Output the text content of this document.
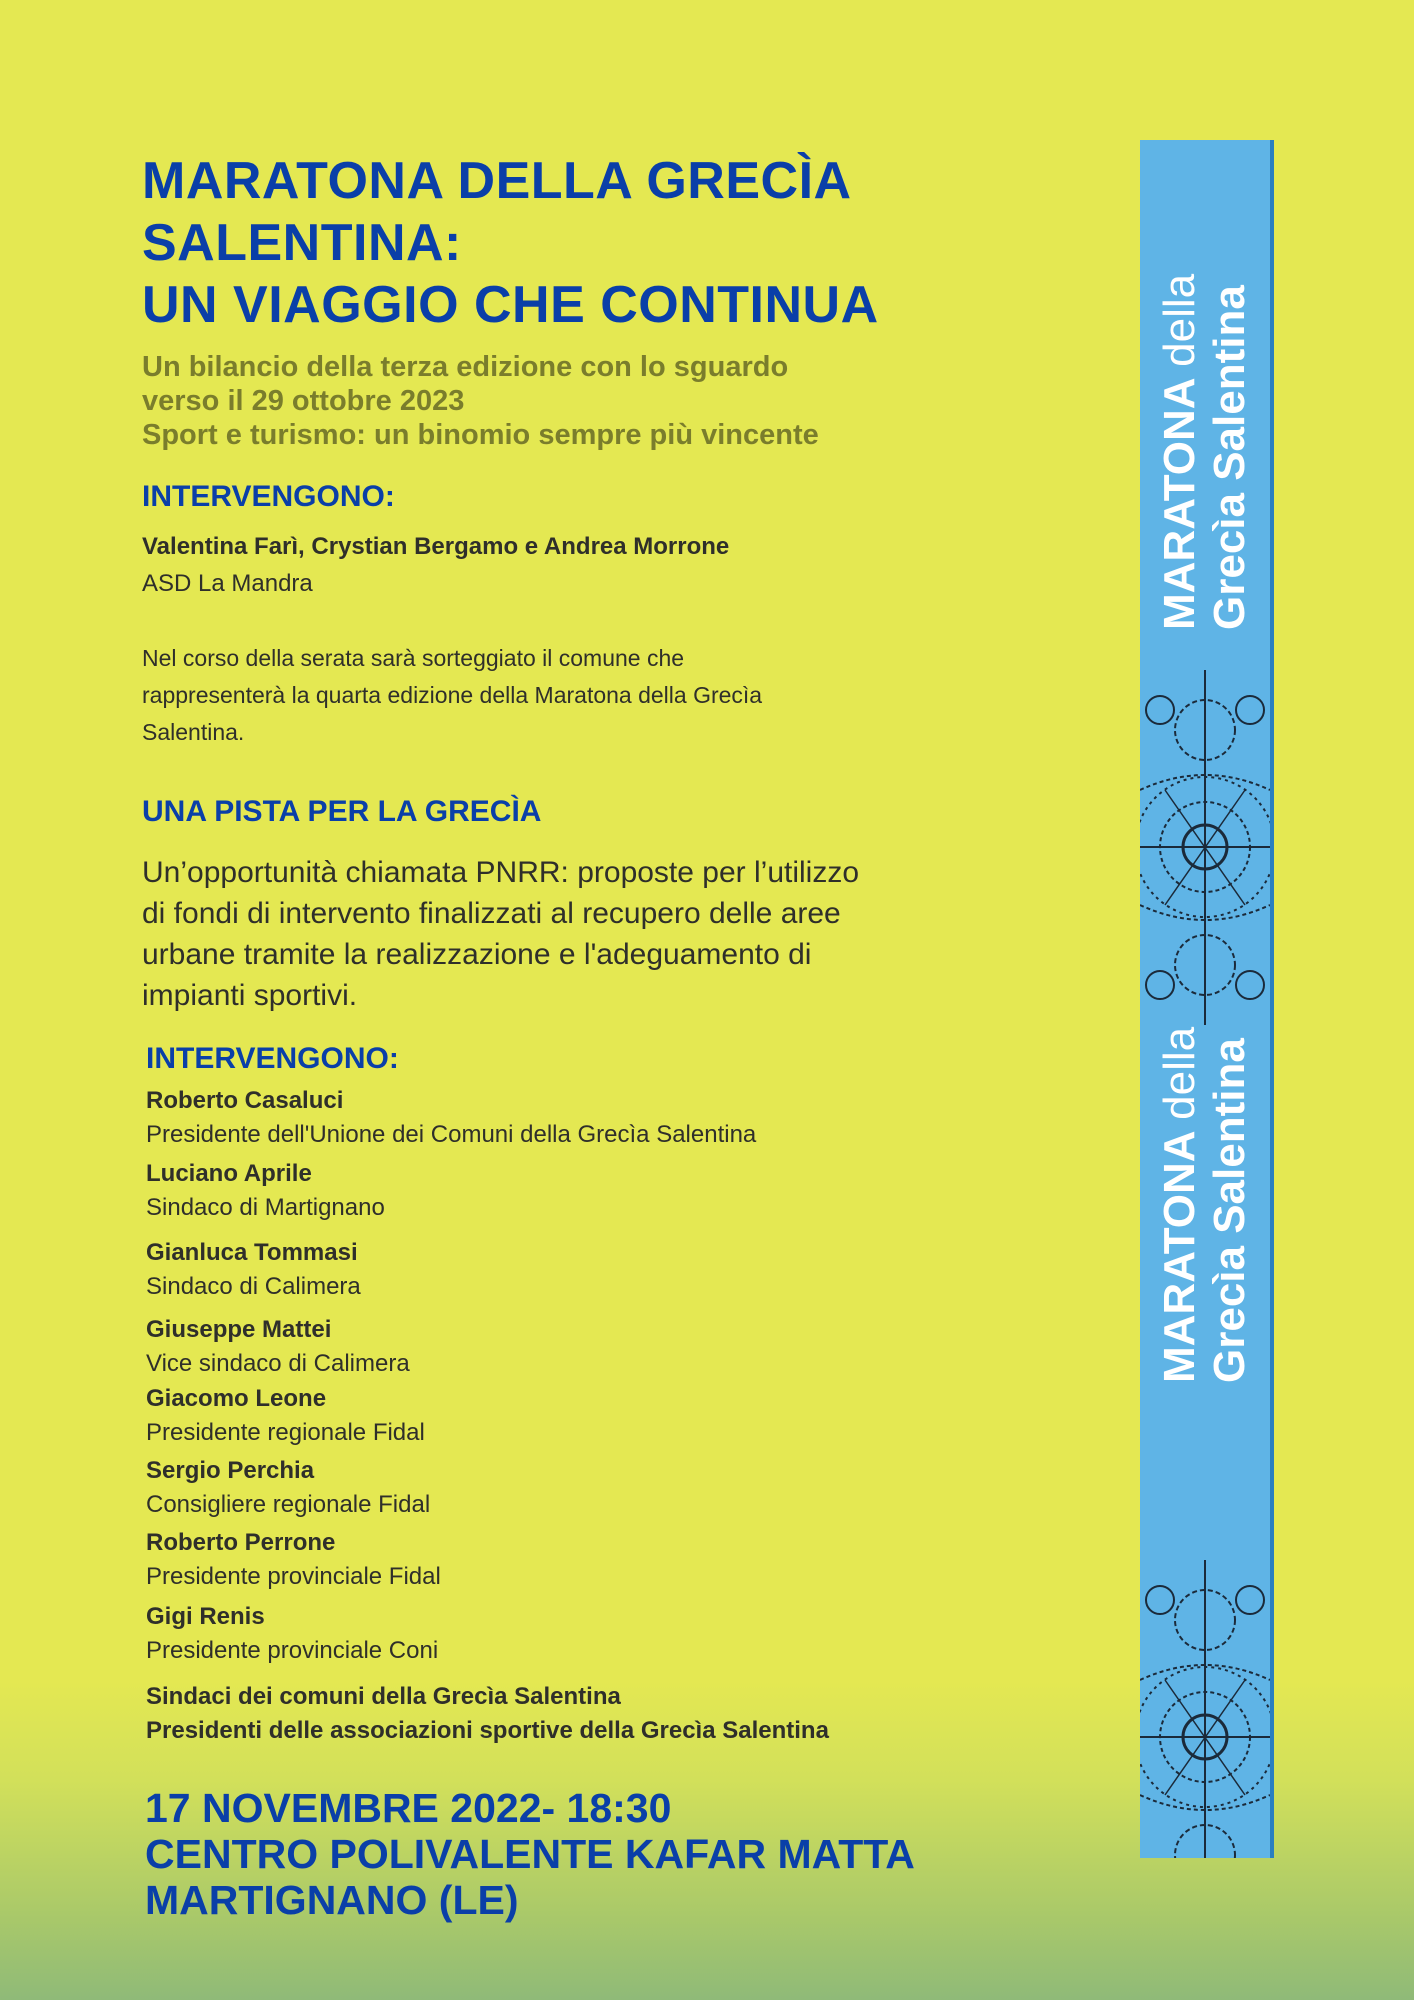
MARATONA DELLA GRECÌA
SALENTINA:
UN VIAGGIO CHE CONTINUA
Un bilancio della terza edizione con lo sguardo
verso il 29 ottobre 2023
Sport e turismo: un binomio sempre più vincente
INTERVENGONO:
Valentina Farì, Crystian Bergamo e Andrea Morrone
ASD La Mandra
Nel corso della serata sarà sorteggiato il comune che
rappresenterà la quarta edizione della Maratona della Grecìa
Salentina.
UNA PISTA PER LA GRECÌA
Un’opportunità chiamata PNRR: proposte per l’utilizzo
di fondi di intervento finalizzati al recupero delle aree
urbane tramite la realizzazione e l'adeguamento di
impianti sportivi.
INTERVENGONO:
Roberto Casaluci
Presidente dell'Unione dei Comuni della Grecìa Salentina
Luciano Aprile
Sindaco di Martignano
Gianluca Tommasi
Sindaco di Calimera
Giuseppe Mattei
Vice sindaco di Calimera
Giacomo Leone
Presidente regionale Fidal
Sergio Perchia
Consigliere regionale Fidal
Roberto Perrone
Presidente provinciale Fidal
Gigi Renis
Presidente provinciale Coni
Sindaci dei comuni della Grecìa Salentina
Presidenti delle associazioni sportive della Grecìa Salentina
17 NOVEMBRE 2022- 18:30
CENTRO POLIVALENTE KAFAR MATTA
MARTIGNANO (LE)
MARATONA della Grecìa Salentina
MARATONA della Grecìa Salentina
